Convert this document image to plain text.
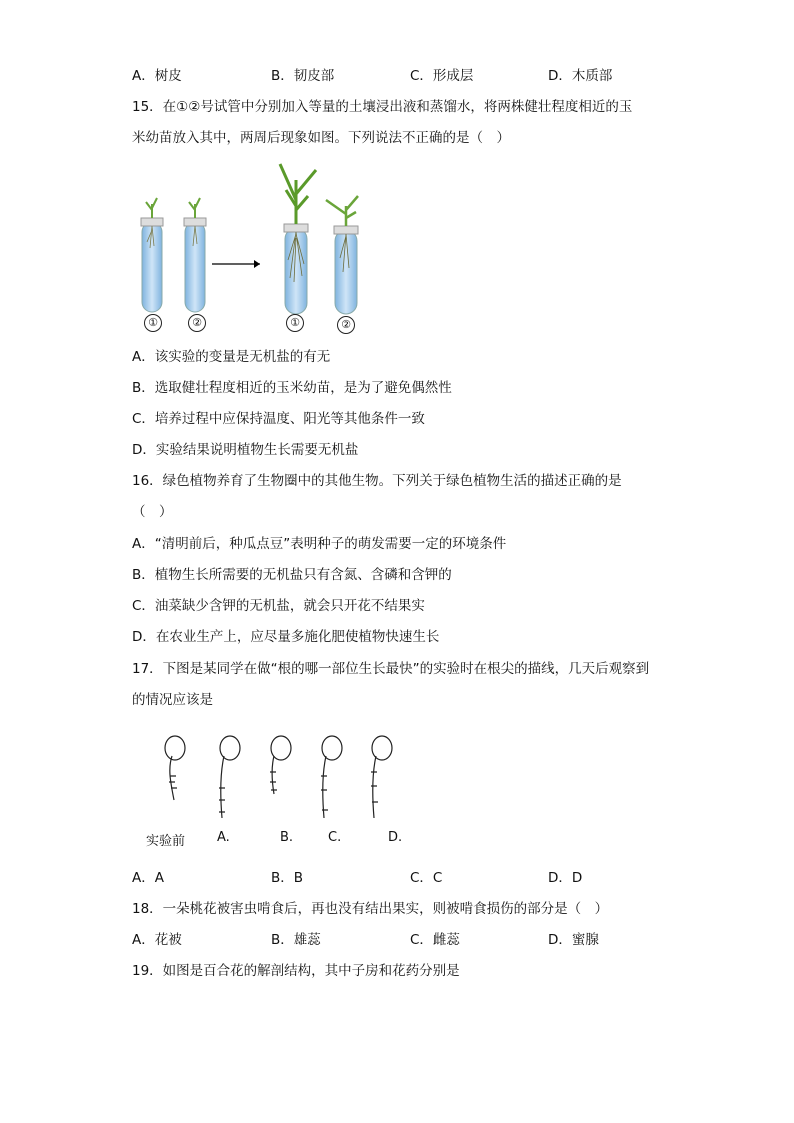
A．树皮	B．韧皮部	C．形成层	D．木质部
15．在①②号试管中分别加入等量的土壤浸出液和蒸馏水，将两株健壮程度相近的玉
米幼苗放入其中，两周后现象如图。下列说法不正确的是（　）
①	②	①	②
A．该实验的变量是无机盐的有无
B．选取健壮程度相近的玉米幼苗，是为了避免偶然性
C．培养过程中应保持温度、阳光等其他条件一致
D．实验结果说明植物生长需要无机盐
16．绿色植物养育了生物圈中的其他生物。下列关于绿色植物生活的描述正确的是
（　）
A．“清明前后，种瓜点豆”表明种子的萌发需要一定的环境条件
B．植物生长所需要的无机盐只有含氮、含磷和含钾的
C．油菜缺少含钾的无机盐，就会只开花不结果实
D．在农业生产上，应尽量多施化肥使植物快速生长
17．下图是某同学在做“根的哪一部位生长最快”的实验时在根尖的描线，几天后观察到
的情况应该是
实验前 A.	B.	C.	D.
A．A	B．B	C．C	D．D
18．一朵桃花被害虫啃食后，再也没有结出果实，则被啃食损伤的部分是（　）
A．花被	B．雄蕊	C．雌蕊	D．蜜腺
19．如图是百合花的解剖结构，其中子房和花药分别是
